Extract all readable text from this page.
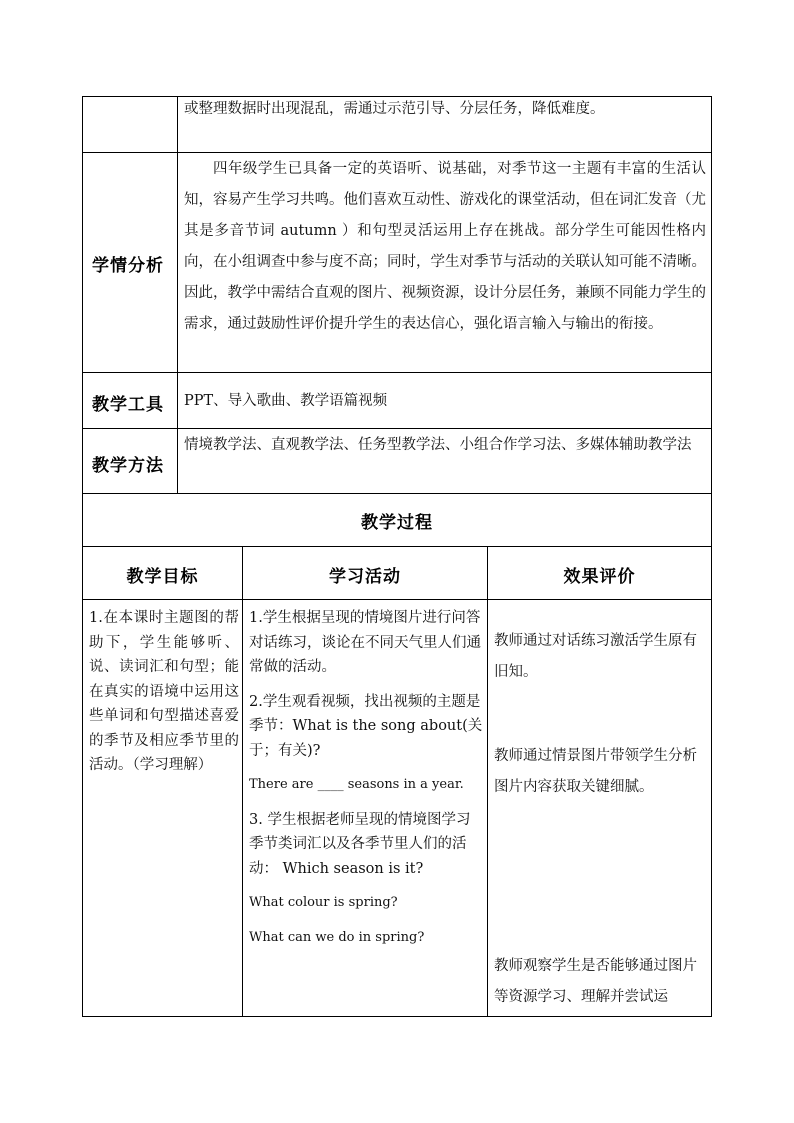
或整理数据时出现混乱，需通过示范引导、分层任务，降低难度。
学情分析

四年级学生已具备一定的英语听、说基础，对季节这一主题有丰富的生活认知，容易产生学习共鸣。他们喜欢互动性、游戏化的课堂活动，但在词汇发音（尤其是多音节词 autumn ）和句型灵活运用上存在挑战。部分学生可能因性格内向，在小组调查中参与度不高；同时，学生对季节与活动的关联认知可能不清晰。因此，教学中需结合直观的图片、视频资源，设计分层任务，兼顾不同能力学生的需求，通过鼓励性评价提升学生的表达信心，强化语言输入与输出的衔接。

教学工具 PPT、导入歌曲、教学语篇视频
教学方法
情境教学法、直观教学法、任务型教学法、小组合作学习法、多媒体辅助教学法
教学过程
教学目标	学习活动	效果评价
1.在本课时主题图的帮助下，学生能够听、说、读词汇和句型；能在真实的语境中运用这些单词和句型描述喜爱的季节及相应季节里的活动。（学习理解）

1.学生根据呈现的情境图片进行问答对话练习，谈论在不同天气里人们通常做的活动。

2.学生观看视频，找出视频的主题是季节：What is the song about(关于；有关)?

There are ____ seasons in a year.

3. 学生根据老师呈现的情境图学习季节类词汇以及各季节里人们的活动： Which season is it?

What colour is spring?

What can we do in spring?

教师通过对话练习激活学生原有旧知。
教师通过情景图片带领学生分析图片内容获取关键细腻。
教师观察学生是否能够通过图片等资源学习、理解并尝试运
